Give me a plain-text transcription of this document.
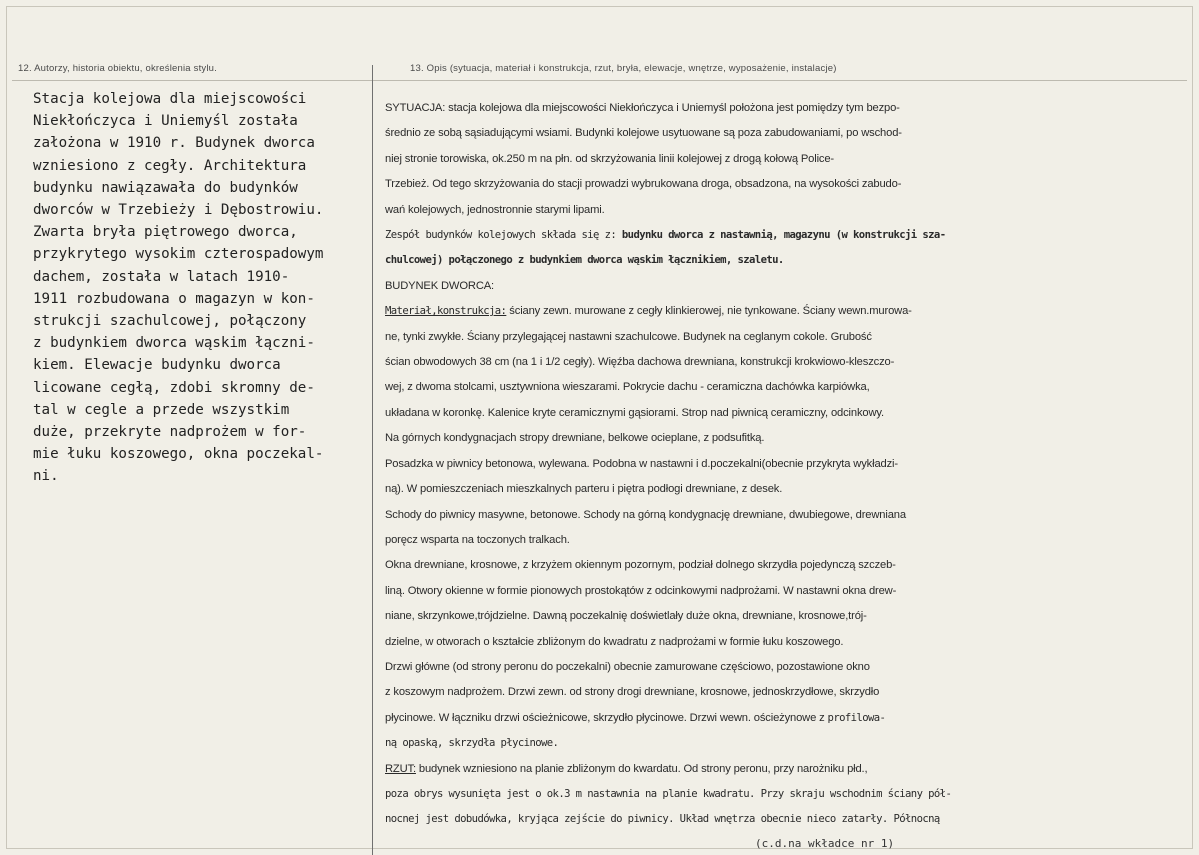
12. Autorzy, historia obiektu, określenia stylu.	13. Opis (sytuacja, materiał i konstrukcja, rzut, bryła, elewacje, wnętrze, wyposażenie, instalacje)
Stacja kolejowa dla miejscowości
Niekłończyca i Uniemyśl została
założona w 1910 r. Budynek dworca
wzniesiono z cegły. Architektura
budynku nawiązawała do budynków
dworców w Trzebieży i Dębostrowiu.
Zwarta bryła piętrowego dworca,
przykrytego wysokim czterospadowym
dachem, została w latach 1910-
1911 rozbudowana o magazyn w kon-
strukcji szachulcowej, połączony
z budynkiem dworca wąskim łączni-
kiem. Elewacje budynku dworca
licowane cegłą, zdobi skromny de-
tal w cegle a przede wszystkim
duże, przekryte nadprożem w for-
mie łuku koszowego, okna poczekal-
ni.
SYTUACJA: stacja kolejowa dla miejscowości Niekłończyca i Uniemyśl położona jest pomiędzy tym bezpo-
średnio ze sobą sąsiadującymi wsiami. Budynki kolejowe usytuowane są poza zabudowaniami, po wschod-
niej stronie torowiska, ok.250 m na płn. od skrzyżowania linii kolejowej z drogą kołową Police-
Trzebież. Od tego skrzyżowania do stacji prowadzi wybrukowana droga, obsadzona, na wysokości zabudo-
wań kolejowych, jednostronnie starymi lipami.
Zespół budynków kolejowych składa się z: budynku dworca z nastawnią, magazynu (w konstrukcji sza-
chulcowej) połączonego z budynkiem dworca wąskim łącznikiem, szaletu.
BUDYNEK DWORCA:
Materiał,konstrukcja: ściany zewn. murowane z cegły klinkierowej, nie tynkowane. Ściany wewn.murowa-
ne, tynki zwykłe. Ściany przylegającej nastawni szachulcowe. Budynek na ceglanym cokole. Grubość
ścian obwodowych 38 cm (na 1 i 1/2 cegły). Więźba dachowa drewniana, konstrukcji krokwiowo-kleszczo-
wej, z dwoma stolcami, usztywniona wieszarami. Pokrycie dachu - ceramiczna dachówka karpiówka,
układana w koronkę. Kalenice kryte ceramicznymi gąsiorami. Strop nad piwnicą ceramiczny, odcinkowy.
Na górnych kondygnacjach stropy drewniane, belkowe ocieplane, z podsufitką.
Posadzka w piwnicy betonowa, wylewana. Podobna w nastawni i d.poczekalni(obecnie przykryta wykładzi-
ną). W pomieszczeniach mieszkalnych parteru i piętra podłogi drewniane, z desek.
Schody do piwnicy masywne, betonowe. Schody na górną kondygnację drewniane, dwubiegowe, drewniana
poręcz wsparta na toczonych tralkach.
Okna drewniane, krosnowe, z krzyżem okiennym pozornym, podział dolnego skrzydła pojedynczą szczeb-
liną. Otwory okienne w formie pionowych prostokątów z odcinkowymi nadprożami. W nastawni okna drew-
niane, skrzynkowe,trójdzielne. Dawną poczekalnię doświetlały duże okna, drewniane, krosnowe,trój-
dzielne, w otworach o kształcie zbliżonym do kwadratu z nadprożami w formie łuku koszowego.
Drzwi główne (od strony peronu do poczekalni) obecnie zamurowane częściowo, pozostawione okno
z koszowym nadprożem. Drzwi zewn. od strony drogi drewniane, krosnowe, jednoskrzydłowe, skrzydło
płycinowe. W łączniku drzwi ościeżnicowe, skrzydło płycinowe. Drzwi wewn. ościeżynowe z profilowa-
ną opaską, skrzydła płycinowe.
RZUT: budynek wzniesiono na planie zbliżonym do kwardatu. Od strony peronu, przy narożniku płd.,
poza obrys wysunięta jest o ok.3 m nastawnia na planie kwadratu. Przy skraju wschodnim ściany pół-
nocnej jest dobudówka, kryjąca zejście do piwnicy. Układ wnętrza obecnie nieco zatarły. Północną
(c.d.na wkładce nr 1)
